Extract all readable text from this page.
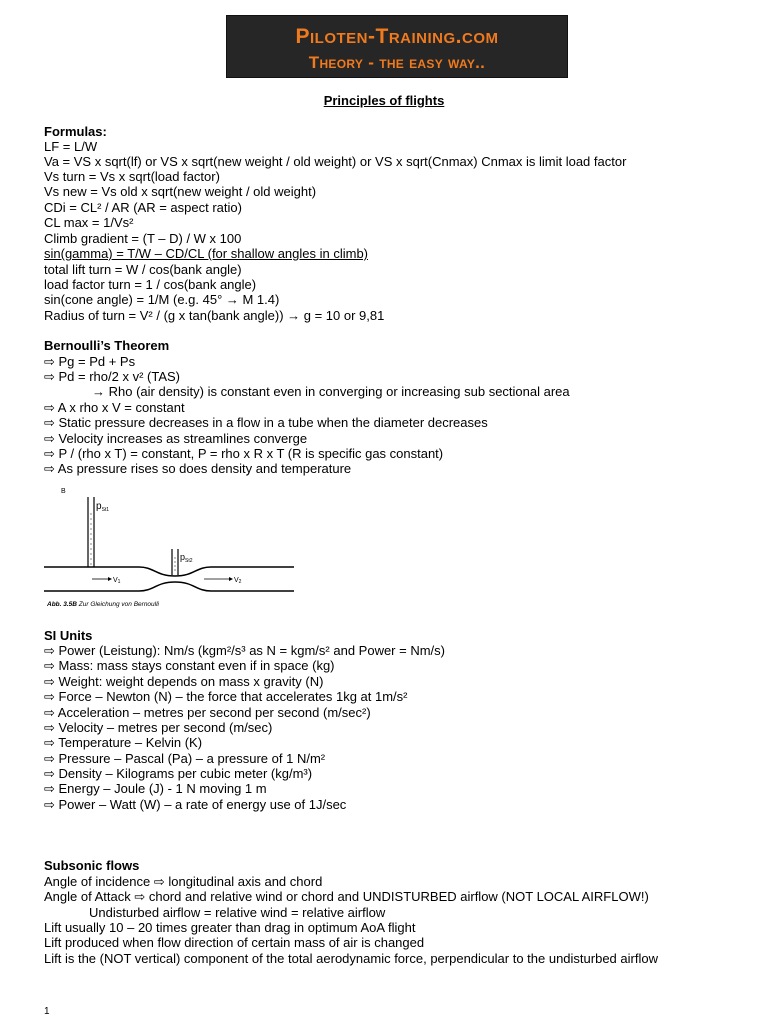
Piloten-Training.com
Theory - the easy way..
Principles of flights
Formulas:
LF = L/W
Va = VS x sqrt(lf) or VS x sqrt(new weight / old weight) or VS x sqrt(Cnmax) Cnmax is limit load factor
Vs turn = Vs x sqrt(load factor)
Vs new = Vs old x sqrt(new weight / old weight)
CDi = CL² / AR (AR = aspect ratio)
CL max = 1/Vs²
Climb gradient = (T – D) / W x 100
sin(gamma) = T/W – CD/CL (for shallow angles in climb)
total lift turn = W / cos(bank angle)
load factor turn = 1 / cos(bank angle)
sin(cone angle) = 1/M (e.g. 45° → M 1.4)
Radius of turn = V² / (g x tan(bank angle)) → g = 10 or 9,81
Bernoulli’s Theorem
⇨ Pg = Pd + Ps
⇨ Pd = rho/2 x v² (TAS)
→ Rho (air density) is constant even in converging or increasing sub sectional area
⇨ A x rho x V = constant
⇨ Static pressure decreases in a flow in a tube when the diameter decreases
⇨ Velocity increases as streamlines converge
⇨ P / (rho x T) = constant, P = rho x R x T (R is specific gas constant)
⇨ As pressure rises so does density and temperature
B
$p_{St1}$
$p_{St2}$
V1	V2
Abb. 3.5B Zur Gleichung von Bernoulli
SI Units
⇨ Power (Leistung): Nm/s (kgm²/s³ as N = kgm/s² and Power = Nm/s)
⇨ Mass: mass stays constant even if in space (kg)
⇨ Weight: weight depends on mass x gravity (N)
⇨ Force – Newton (N) – the force that accelerates 1kg at 1m/s²
⇨ Acceleration – metres per second per second (m/sec²)
⇨ Velocity – metres per second (m/sec)
⇨ Temperature – Kelvin (K)
⇨ Pressure – Pascal (Pa) – a pressure of 1 N/m²
⇨ Density – Kilograms per cubic meter (kg/m³)
⇨ Energy – Joule (J) - 1 N moving 1 m
⇨ Power – Watt (W) – a rate of energy use of 1J/sec
Subsonic flows
Angle of incidence ⇨ longitudinal axis and chord
Angle of Attack ⇨ chord and relative wind or chord and UNDISTURBED airflow (NOT LOCAL AIRFLOW!)
Undisturbed airflow = relative wind = relative airflow
Lift usually 10 – 20 times greater than drag in optimum AoA flight
Lift produced when flow direction of certain mass of air is changed
Lift is the (NOT vertical) component of the total aerodynamic force, perpendicular to the undisturbed airflow
1
